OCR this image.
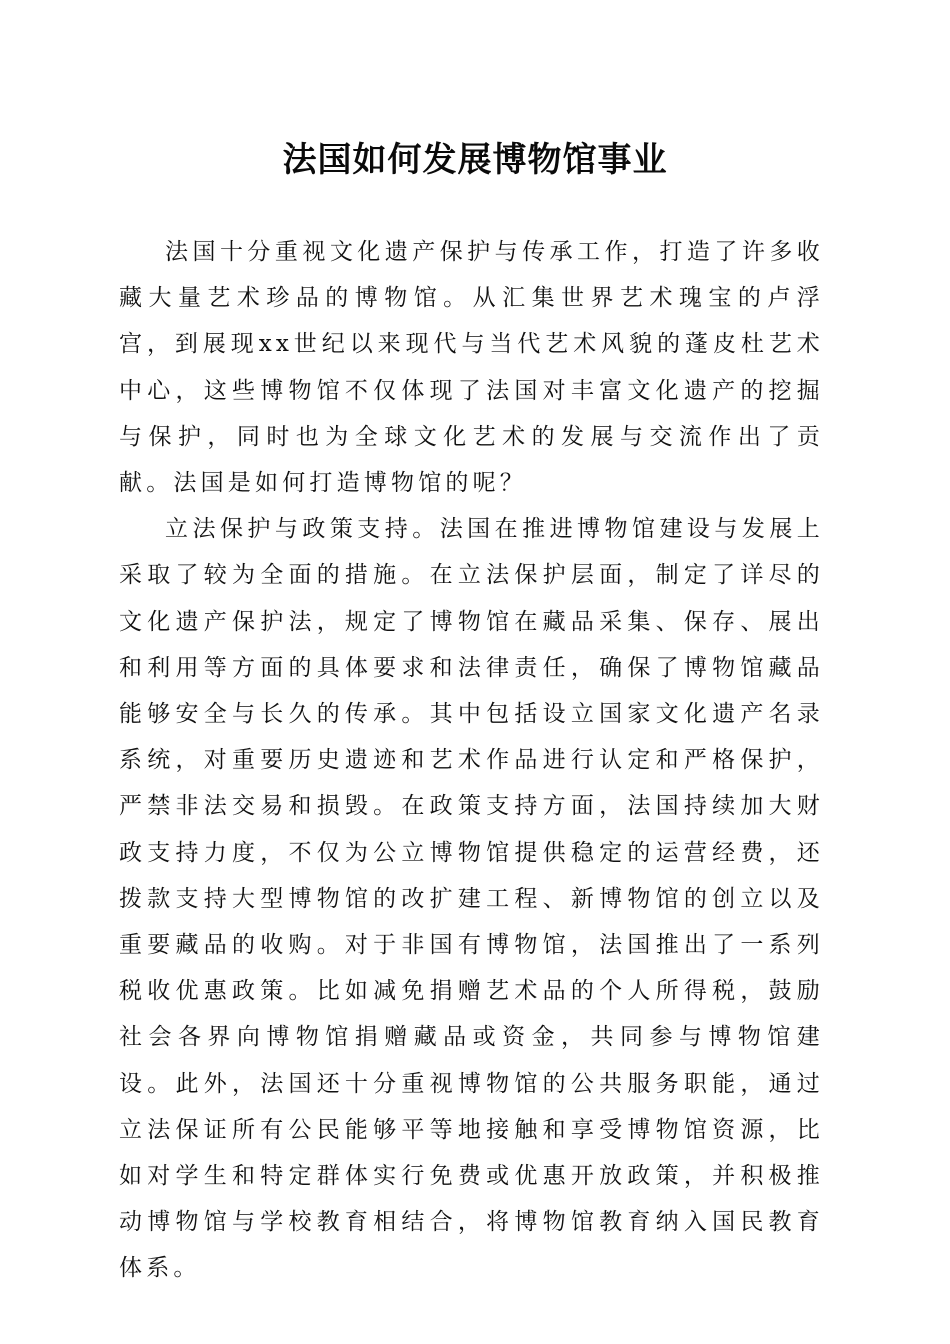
法国如何发展博物馆事业

法国十分重视文化遗产保护与传承工作，打造了许多收藏大量艺术珍品的博物馆。从汇集世界艺术瑰宝的卢浮宫，到展现xx世纪以来现代与当代艺术风貌的蓬皮杜艺术中心，这些博物馆不仅体现了法国对丰富文化遗产的挖掘与保护，同时也为全球文化艺术的发展与交流作出了贡献。法国是如何打造博物馆的呢？

立法保护与政策支持。法国在推进博物馆建设与发展上采取了较为全面的措施。在立法保护层面，制定了详尽的文化遗产保护法，规定了博物馆在藏品采集、保存、展出和利用等方面的具体要求和法律责任，确保了博物馆藏品能够安全与长久的传承。其中包括设立国家文化遗产名录系统，对重要历史遗迹和艺术作品进行认定和严格保护，严禁非法交易和损毁。在政策支持方面，法国持续加大财政支持力度，不仅为公立博物馆提供稳定的运营经费，还拨款支持大型博物馆的改扩建工程、新博物馆的创立以及重要藏品的收购。对于非国有博物馆，法国推出了一系列税收优惠政策。比如减免捐赠艺术品的个人所得税，鼓励社会各界向博物馆捐赠藏品或资金，共同参与博物馆建设。此外，法国还十分重视博物馆的公共服务职能，通过立法保证所有公民能够平等地接触和享受博物馆资源，比如对学生和特定群体实行免费或优惠开放政策，并积极推动博物馆与学校教育相结合，将博物馆教育纳入国民教育体系。
